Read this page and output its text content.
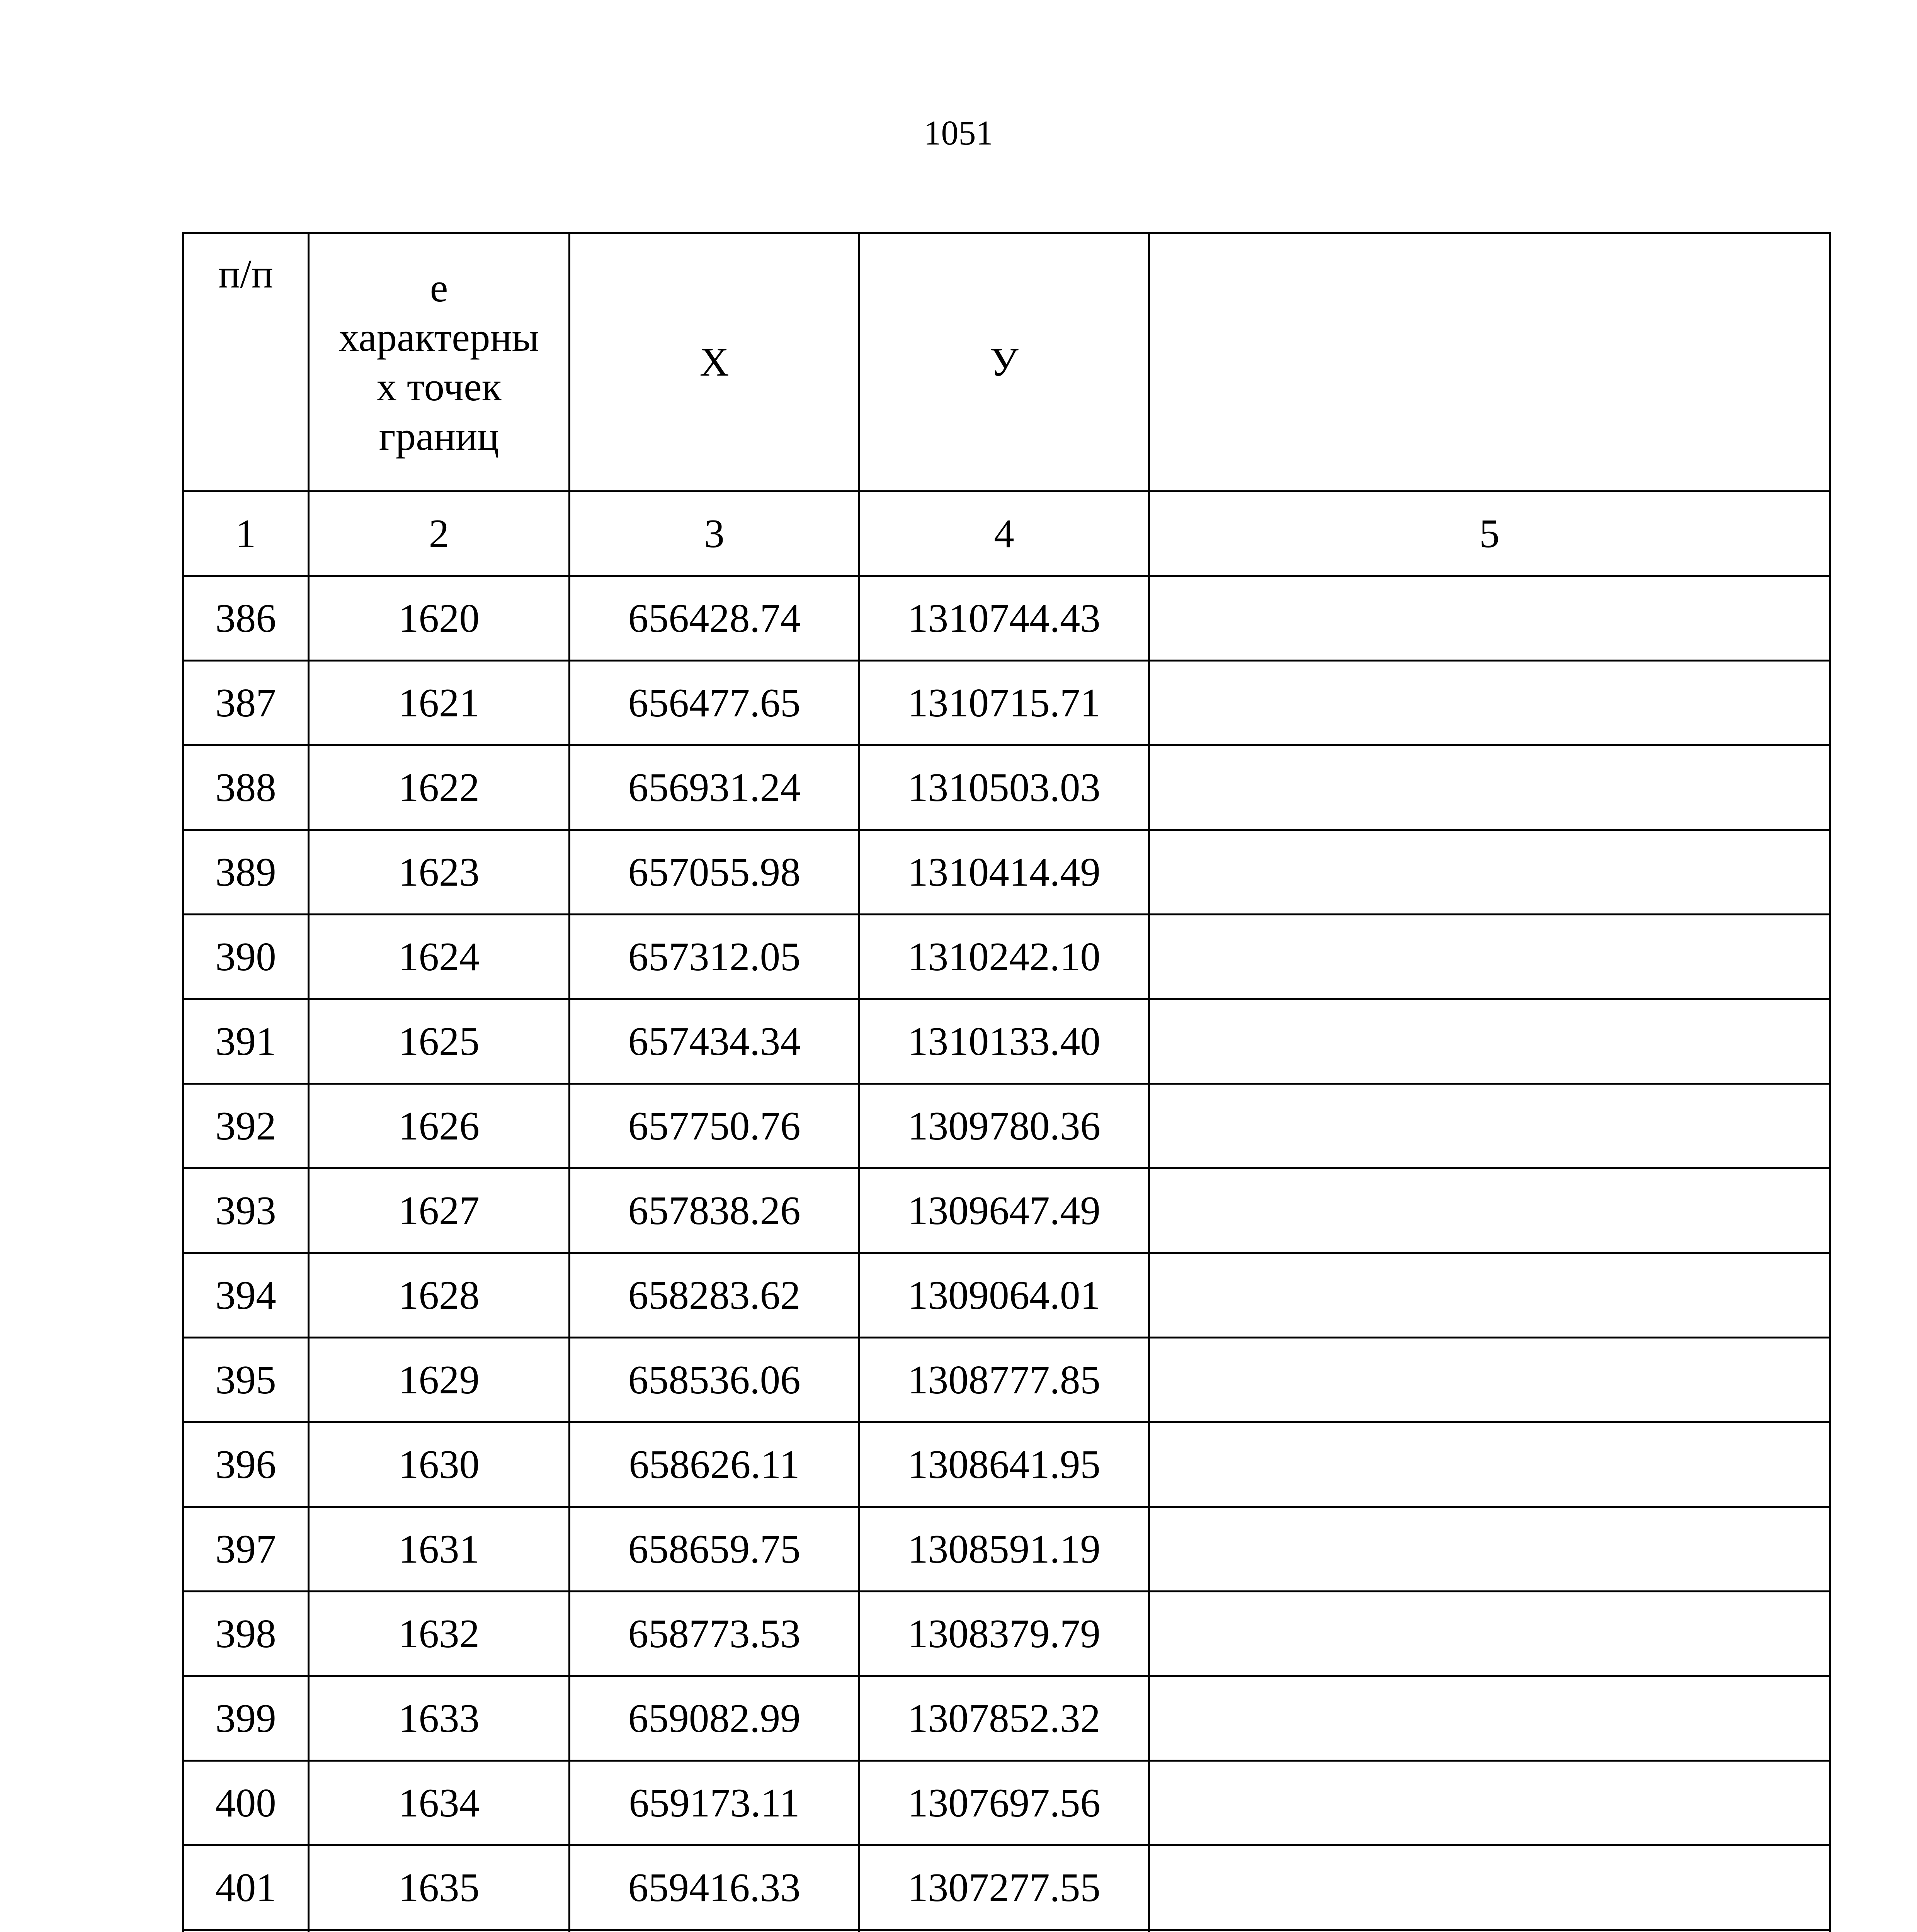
1051
п/п	е
характерны
х точек
границ	Х	У	
1	2	3	4	5
386	1620	656428.74	1310744.43	
387	1621	656477.65	1310715.71	
388	1622	656931.24	1310503.03	
389	1623	657055.98	1310414.49	
390	1624	657312.05	1310242.10	
391	1625	657434.34	1310133.40	
392	1626	657750.76	1309780.36	
393	1627	657838.26	1309647.49	
394	1628	658283.62	1309064.01	
395	1629	658536.06	1308777.85	
396	1630	658626.11	1308641.95	
397	1631	658659.75	1308591.19	
398	1632	658773.53	1308379.79	
399	1633	659082.99	1307852.32	
400	1634	659173.11	1307697.56	
401	1635	659416.33	1307277.55	
